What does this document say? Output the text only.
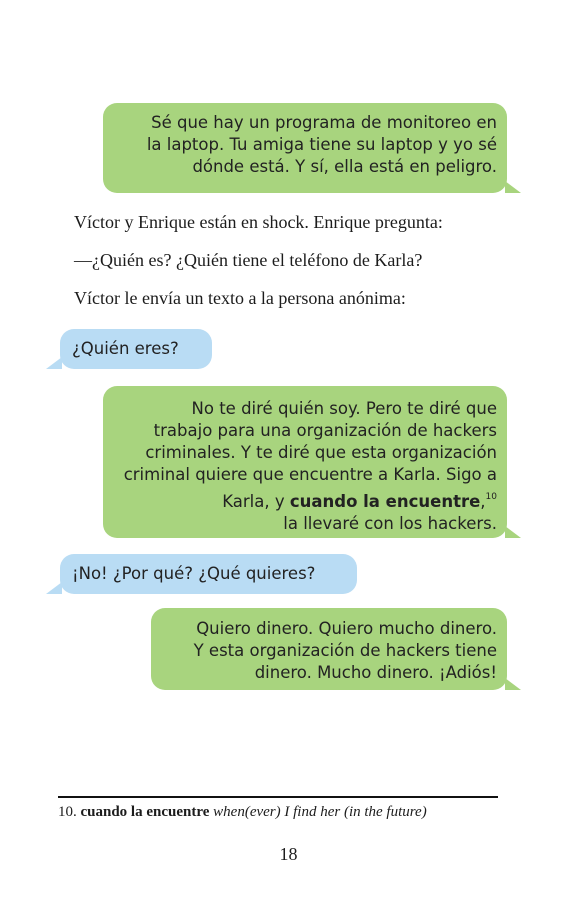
Sé que hay un programa de monitoreo en
la laptop. Tu amiga tiene su laptop y yo sé
dónde está. Y sí, ella está en peligro.
Víctor y Enrique están en shock. Enrique pregunta:
—¿Quién es? ¿Quién tiene el teléfono de Karla?
Víctor le envía un texto a la persona anónima:
¿Quién eres?
No te diré quién soy. Pero te diré que
trabajo para una organización de hackers
criminales. Y te diré que esta organización
criminal quiere que encuentre a Karla. Sigo a
Karla, y cuando la encuentre,$^{10}$
la llevaré con los hackers.
¡No! ¿Por qué? ¿Qué quieres?
Quiero dinero. Quiero mucho dinero.
Y esta organización de hackers tiene
dinero. Mucho dinero. ¡Adiós!
10. cuando la encuentre when(ever) I find her (in the future)
18
